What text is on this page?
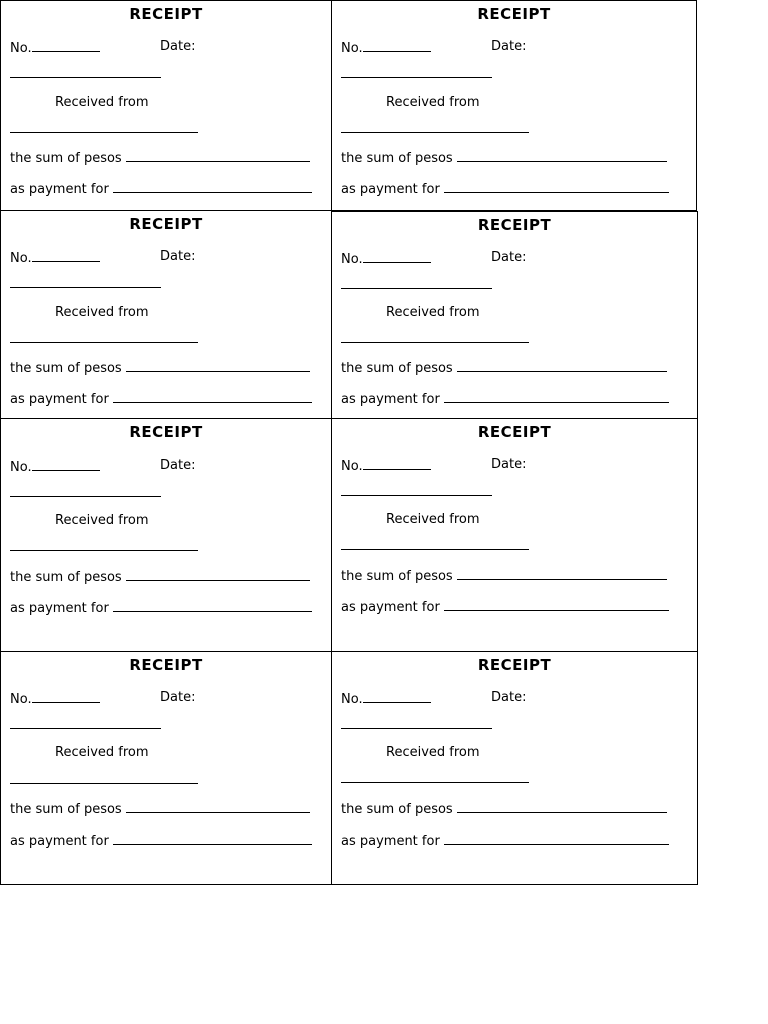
RECEIPT
No.	Date:
Received from
the sum of pesos
as payment for
RECEIPT
No.	Date:
Received from
the sum of pesos
as payment for
RECEIPT
No.	Date:
Received from
the sum of pesos
as payment for
RECEIPT
No.	Date:
Received from
the sum of pesos
as payment for
RECEIPT
No.	Date:
Received from
the sum of pesos
as payment for
RECEIPT
No.	Date:
Received from
the sum of pesos
as payment for
RECEIPT
No.	Date:
Received from
the sum of pesos
as payment for
RECEIPT
No.	Date:
Received from
the sum of pesos
as payment for
